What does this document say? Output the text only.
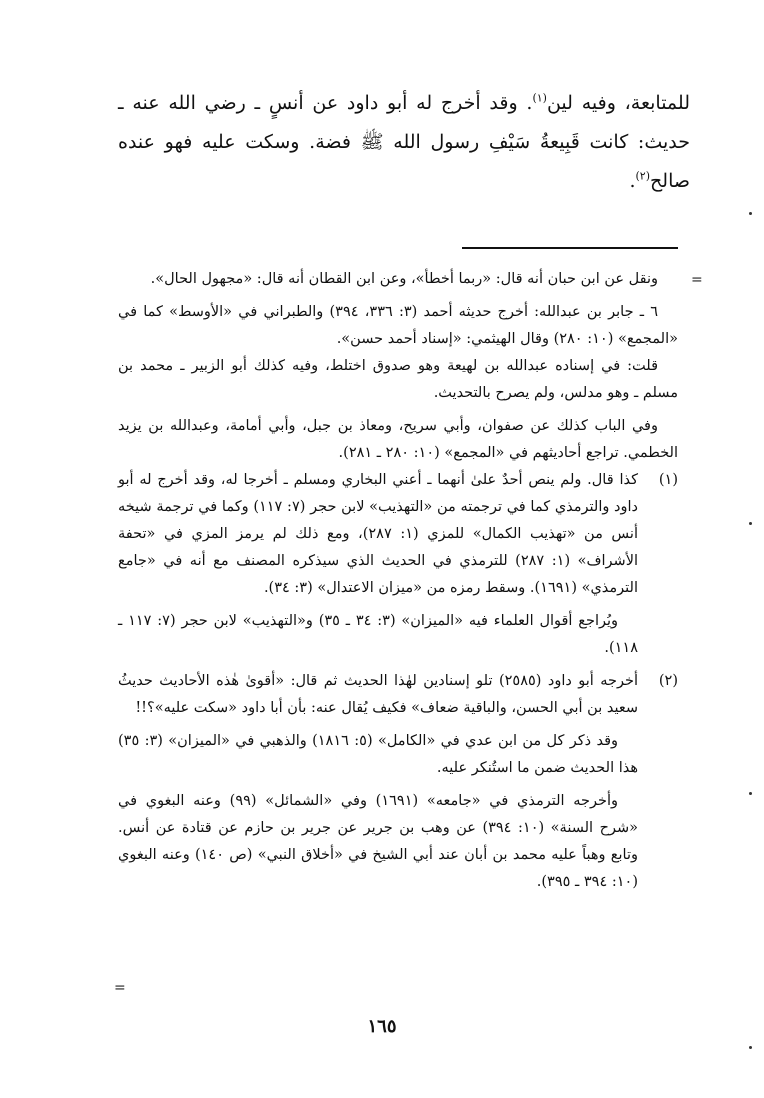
للمتابعة، وفيه لين$^{(١)}$. وقد أخرج له أبو داود عن أنسٍ ـ رضي الله عنه ـ حديث: كانت قَبِيعةُ سَيْفِ رسول الله ﷺ فضة. وسكت عليه فهو عنده صالح$^{(٢)}$.

ونقل عن ابن حبان أنه قال: «ربما أخطأ»، وعن ابن القطان أنه قال: «مجهول الحال».

٦ ـ جابر بن عبدالله: أخرج حديثه أحمد (٣: ٣٣٦، ٣٩٤) والطبراني في «الأوسط» كما في «المجمع» (١٠: ٢٨٠) وقال الهيثمي: «إسناد أحمد حسن».

قلت: في إسناده عبدالله بن لهيعة وهو صدوق اختلط، وفيه كذلك أبو الزبير ـ محمد بن مسلم ـ وهو مدلس، ولم يصرح بالتحديث.

وفي الباب كذلك عن صفوان، وأبي سريح، ومعاذ بن جبل، وأبي أمامة، وعبدالله بن يزيد الخطمي. تراجع أحاديثهم في «المجمع» (١٠: ٢٨٠ ـ ٢٨١).

(١)

كذا قال. ولم ينص أحدٌ علىٰ أنهما ـ أعني البخاري ومسلم ـ أخرجا له، وقد أخرج له أبو داود والترمذي كما في ترجمته من «التهذيب» لابن حجر (٧: ١١٧) وكما في ترجمة شيخه أنس من «تهذيب الكمال» للمزي (١: ٢٨٧)، ومع ذلك لم يرمز المزي في «تحفة الأشراف» (١: ٢٨٧) للترمذي في الحديث الذي سيذكره المصنف مع أنه في «جامع الترمذي» (١٦٩١). وسقط رمزه من «ميزان الاعتدال» (٣: ٣٤).

ويُراجع أقوال العلماء فيه «الميزان» (٣: ٣٤ ـ ٣٥) و«التهذيب» لابن حجر (٧: ١١٧ ـ ١١٨).

(٢)

أخرجه أبو داود (٢٥٨٥) تلو إسنادين لهٰذا الحديث ثم قال: «أقوىٰ هٰذه الأحاديث حديثُ سعيد بن أبي الحسن، والباقية ضعاف» فكيف يُقال عنه: بأن أبا داود «سكت عليه»؟!!

وقد ذكر كل من ابن عدي في «الكامل» (٥: ١٨١٦) والذهبي في «الميزان» (٣: ٣٥) هذا الحديث ضمن ما استُنكر عليه.

وأخرجه الترمذي في «جامعه» (١٦٩١) وفي «الشمائل» (٩٩) وعنه البغوي في «شرح السنة» (١٠: ٣٩٤) عن وهب بن جرير عن جرير بن حازم عن قتادة عن أنس. وتابع وهباً عليه محمد بن أبان عند أبي الشيخ في «أخلاق النبي» (ص ١٤٠) وعنه البغوي (١٠: ٣٩٤ ـ ٣٩٥).

١٦٥
=
=
